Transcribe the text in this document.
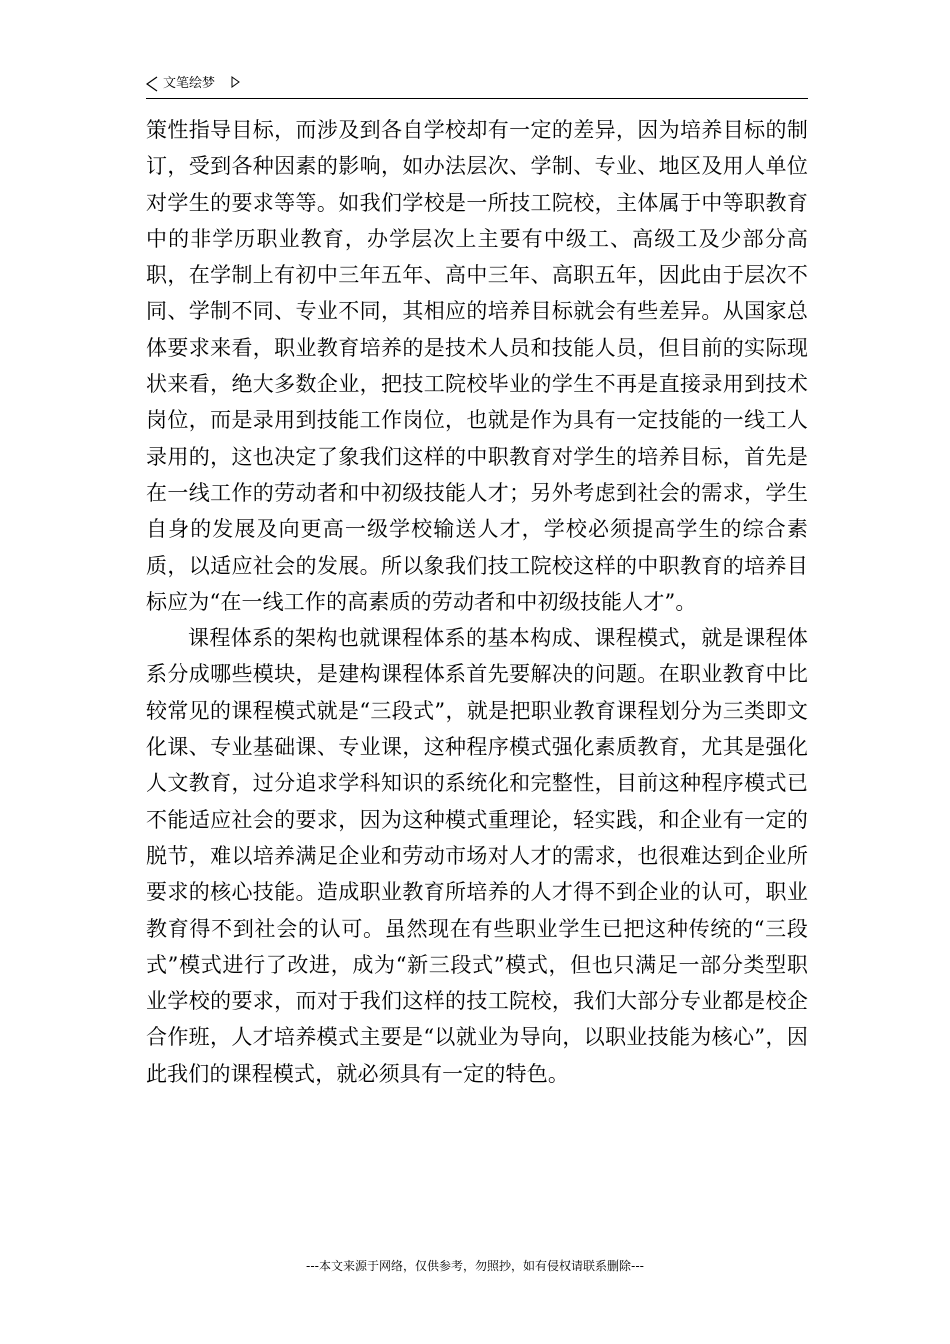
文笔绘梦

策性指导目标，而涉及到各自学校却有一定的差异，因为培养目标的制订，受到各种因素的影响，如办法层次、学制、专业、地区及用人单位对学生的要求等等。如我们学校是一所技工院校，主体属于中等职教育中的非学历职业教育，办学层次上主要有中级工、高级工及少部分高职，在学制上有初中三年五年、高中三年、高职五年，因此由于层次不同、学制不同、专业不同，其相应的培养目标就会有些差异。从国家总体要求来看，职业教育培养的是技术人员和技能人员，但目前的实际现状来看，绝大多数企业，把技工院校毕业的学生不再是直接录用到技术岗位，而是录用到技能工作岗位，也就是作为具有一定技能的一线工人录用的，这也决定了象我们这样的中职教育对学生的培养目标，首先是在一线工作的劳动者和中初级技能人才；另外考虑到社会的需求，学生自身的发展及向更高一级学校输送人才，学校必须提高学生的综合素质，以适应社会的发展。所以象我们技工院校这样的中职教育的培养目标应为“在一线工作的高素质的劳动者和中初级技能人才”。

课程体系的架构也就课程体系的基本构成、课程模式，就是课程体系分成哪些模块，是建构课程体系首先要解决的问题。在职业教育中比较常见的课程模式就是“三段式”，就是把职业教育课程划分为三类即文化课、专业基础课、专业课，这种程序模式强化素质教育，尤其是强化人文教育，过分追求学科知识的系统化和完整性，目前这种程序模式已不能适应社会的要求，因为这种模式重理论，轻实践，和企业有一定的脱节，难以培养满足企业和劳动市场对人才的需求，也很难达到企业所要求的核心技能。造成职业教育所培养的人才得不到企业的认可，职业教育得不到社会的认可。虽然现在有些职业学生已把这种传统的“三段式”模式进行了改进，成为“新三段式”模式，但也只满足一部分类型职业学校的要求，而对于我们这样的技工院校，我们大部分专业都是校企合作班，人才培养模式主要是“以就业为导向，以职业技能为核心”，因此我们的课程模式，就必须具有一定的特色。

---本文来源于网络，仅供参考，勿照抄，如有侵权请联系删除---
